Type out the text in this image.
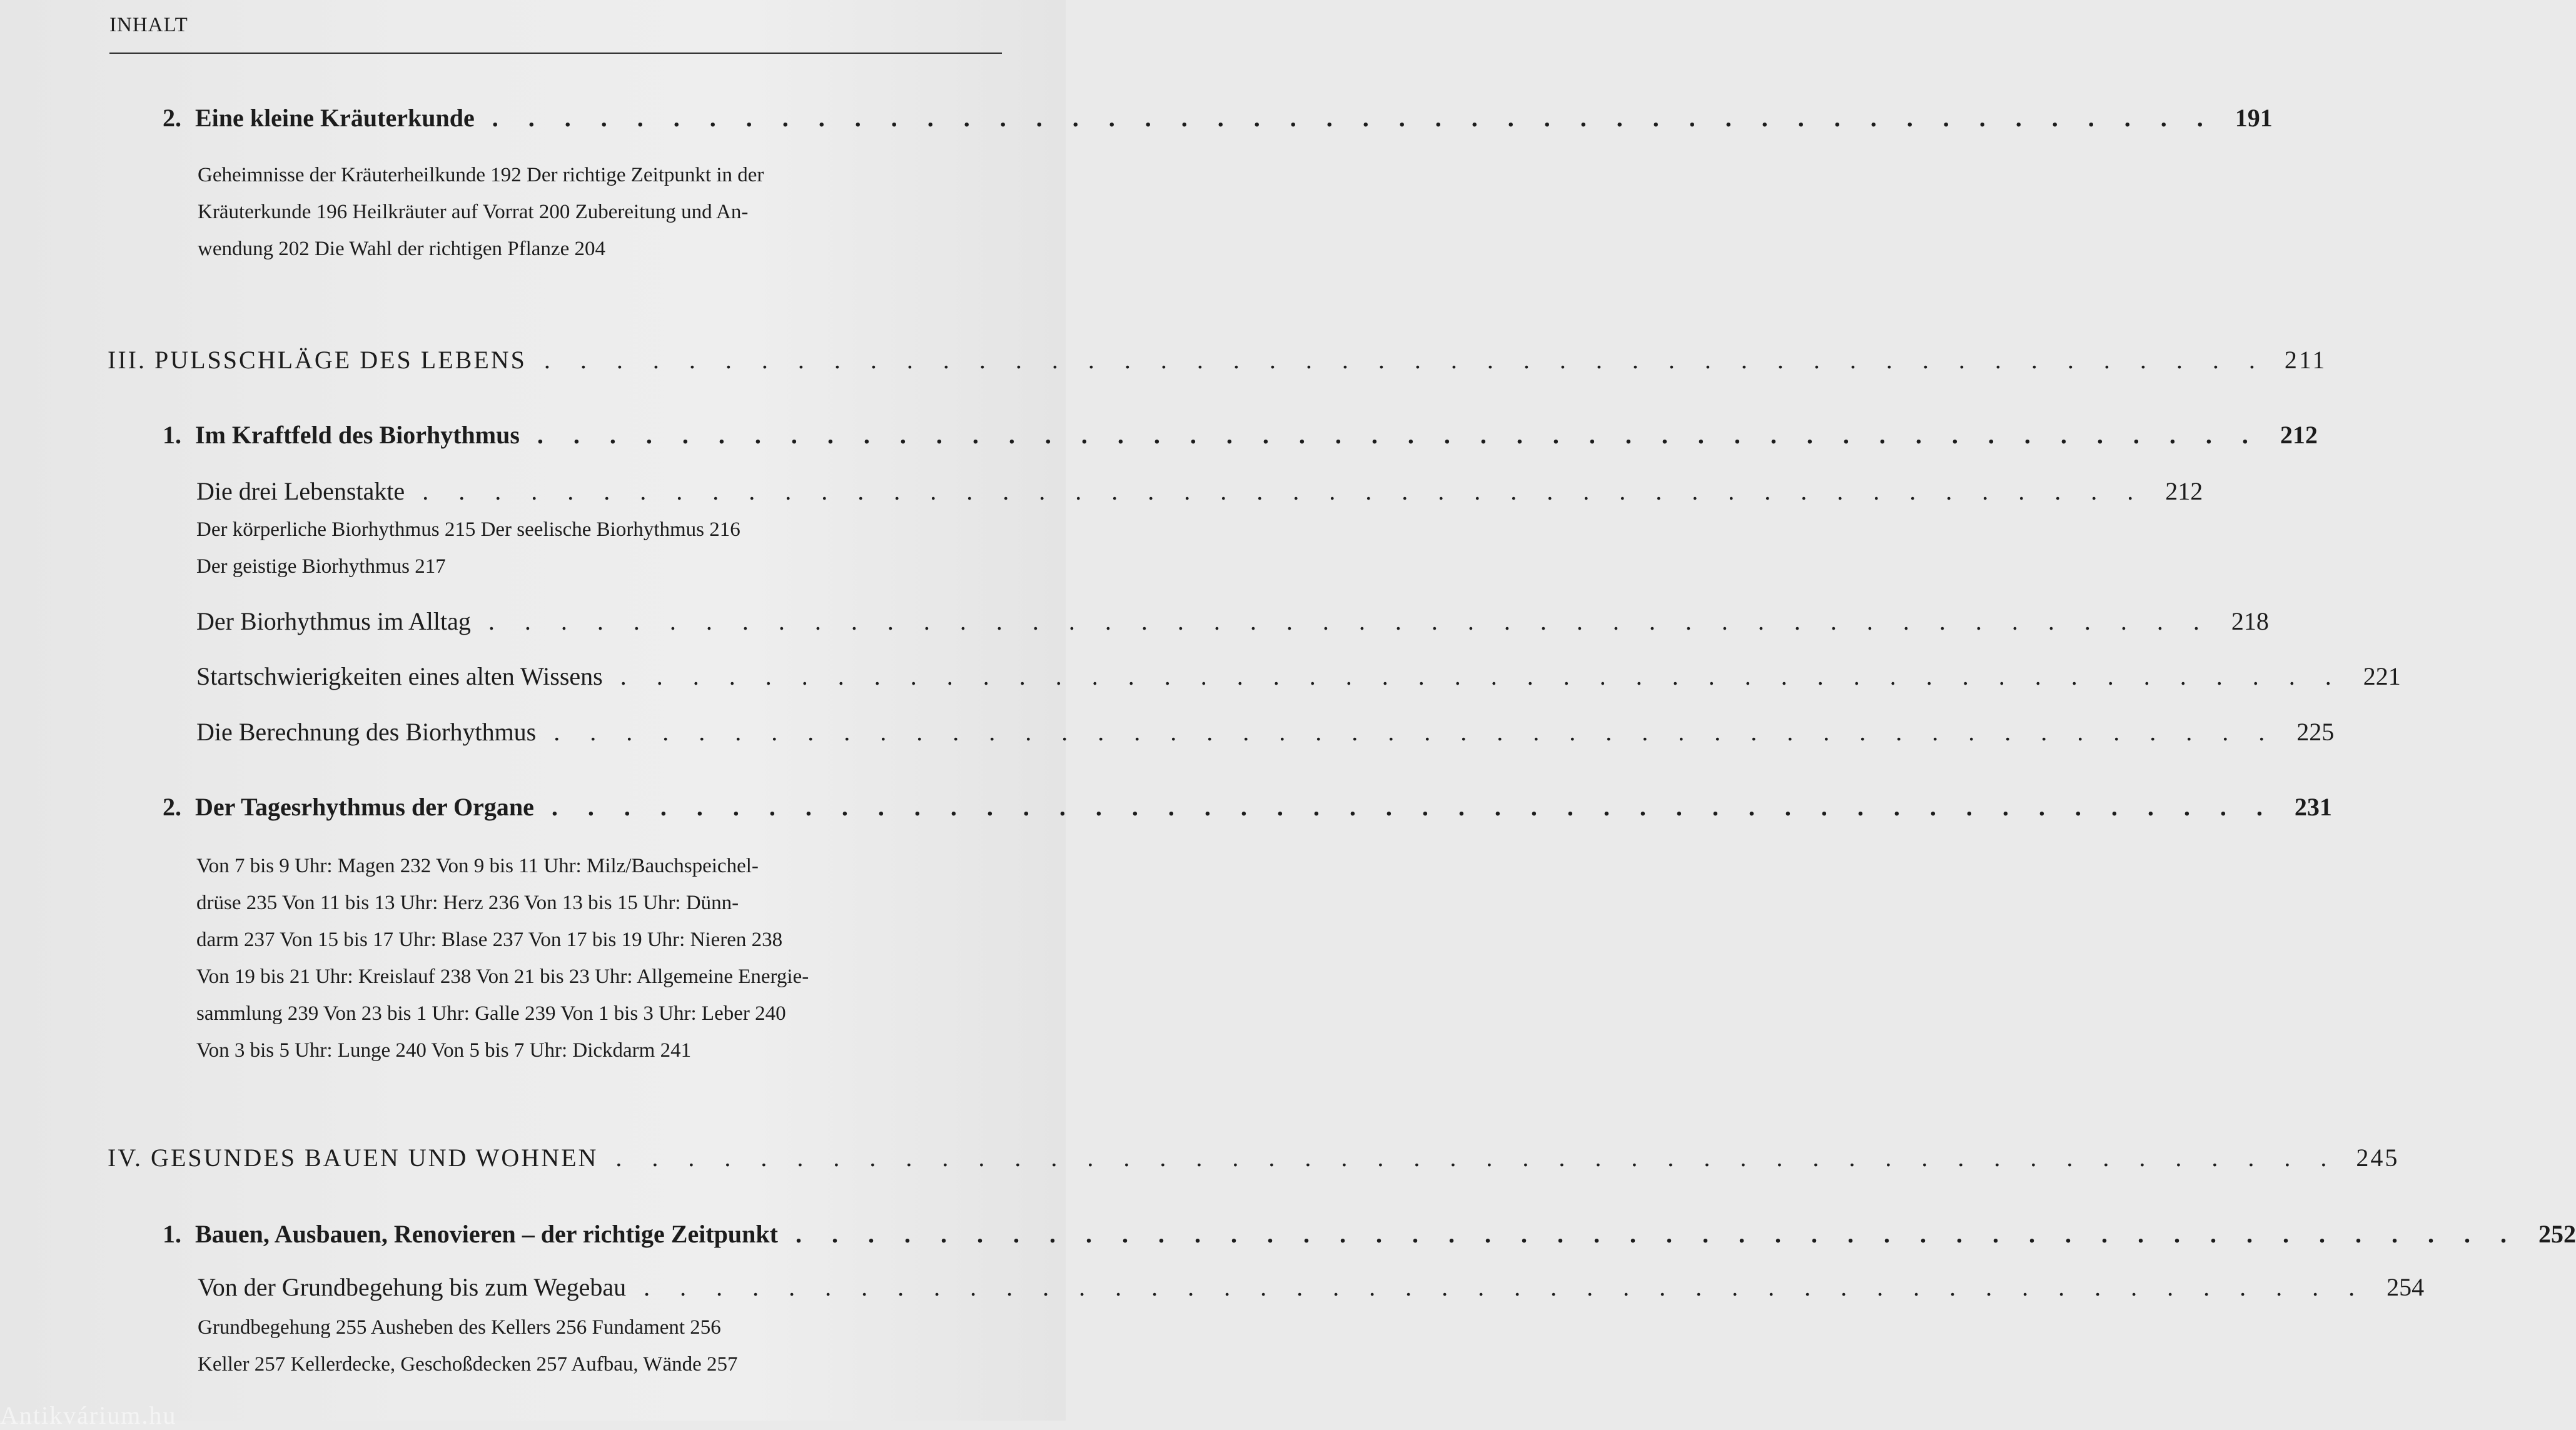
INHALT
2. Eine kleine Kräuterkunde . . . . . . . . . . . . . . . . . . . . . . . . . . . . . . . . . . . . . . . . . . . . . . . . 191
Geheimnisse der Kräuterheilkunde 192 Der richtige Zeitpunkt in der
Kräuterkunde 196 Heilkräuter auf Vorrat 200 Zubereitung und An-
wendung 202 Die Wahl der richtigen Pflanze 204
III. PULSSCHLÄGE DES LEBENS . . . . . . . . . . . . . . . . . . . . . . . . . . . . . . . . . . . . . . . . . . . . . . . . 211
1. Im Kraftfeld des Biorhythmus . . . . . . . . . . . . . . . . . . . . . . . . . . . . . . . . . . . . . . . . . . . . . . . . 212
Die drei Lebenstakte . . . . . . . . . . . . . . . . . . . . . . . . . . . . . . . . . . . . . . . . . . . . . . . . 212
Der körperliche Biorhythmus 215 Der seelische Biorhythmus 216
Der geistige Biorhythmus 217
Der Biorhythmus im Alltag . . . . . . . . . . . . . . . . . . . . . . . . . . . . . . . . . . . . . . . . . . . . . . . . 218
Startschwierigkeiten eines alten Wissens . . . . . . . . . . . . . . . . . . . . . . . . . . . . . . . . . . . . . . . . . . . . . . . . 221
Die Berechnung des Biorhythmus . . . . . . . . . . . . . . . . . . . . . . . . . . . . . . . . . . . . . . . . . . . . . . . . 225
2. Der Tagesrhythmus der Organe . . . . . . . . . . . . . . . . . . . . . . . . . . . . . . . . . . . . . . . . . . . . . . . . 231
Von 7 bis 9 Uhr: Magen 232 Von 9 bis 11 Uhr: Milz/Bauchspeichel-
drüse 235 Von 11 bis 13 Uhr: Herz 236 Von 13 bis 15 Uhr: Dünn-
darm 237 Von 15 bis 17 Uhr: Blase 237 Von 17 bis 19 Uhr: Nieren 238
Von 19 bis 21 Uhr: Kreislauf 238 Von 21 bis 23 Uhr: Allgemeine Energie-
sammlung 239 Von 23 bis 1 Uhr: Galle 239 Von 1 bis 3 Uhr: Leber 240
Von 3 bis 5 Uhr: Lunge 240 Von 5 bis 7 Uhr: Dickdarm 241
IV. GESUNDES BAUEN UND WOHNEN . . . . . . . . . . . . . . . . . . . . . . . . . . . . . . . . . . . . . . . . . . . . . . . . 245
1. Bauen, Ausbauen, Renovieren – der richtige Zeitpunkt . . . . . . . . . . . . . . . . . . . . . . . . . . . . . . . . . . . . . . . . . . . . . . . . 252
Von der Grundbegehung bis zum Wegebau . . . . . . . . . . . . . . . . . . . . . . . . . . . . . . . . . . . . . . . . . . . . . . . . 254
Grundbegehung 255 Ausheben des Kellers 256 Fundament 256
Keller 257 Kellerdecke, Geschoßdecken 257 Aufbau, Wände 257
Antikvárium.hu
